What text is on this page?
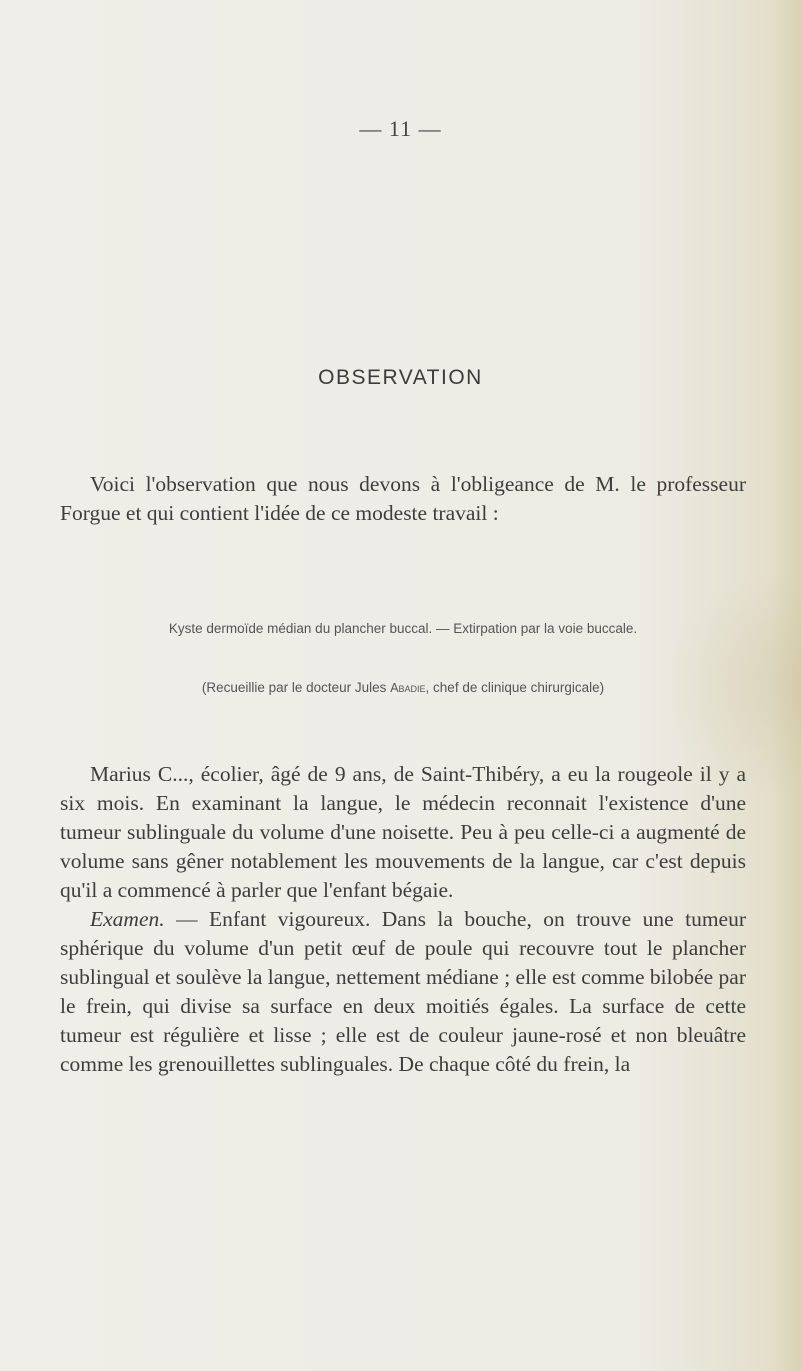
— 11 —
OBSERVATION
Voici l'observation que nous devons à l'obligeance de M. le professeur Forgue et qui contient l'idée de ce modeste travail :
Kyste dermoïde médian du plancher buccal. — Extirpation par la voie buccale.
(Recueillie par le docteur Jules Abadie, chef de clinique chirurgicale)

Marius C..., écolier, âgé de 9 ans, de Saint-Thibéry, a eu la rougeole il y a six mois. En examinant la langue, le médecin reconnait l'existence d'une tumeur sublinguale du volume d'une noisette. Peu à peu celle-ci a augmenté de volume sans gêner notablement les mouvements de la langue, car c'est depuis qu'il a commencé à parler que l'enfant bégaie.

Examen. — Enfant vigoureux. Dans la bouche, on trouve une tumeur sphérique du volume d'un petit œuf de poule qui recouvre tout le plancher sublingual et soulève la langue, nettement médiane ; elle est comme bilobée par le frein, qui divise sa surface en deux moitiés égales. La surface de cette tumeur est régulière et lisse ; elle est de couleur jaune-rosé et non bleuâtre comme les grenouillettes sublinguales. De chaque côté du frein, la
